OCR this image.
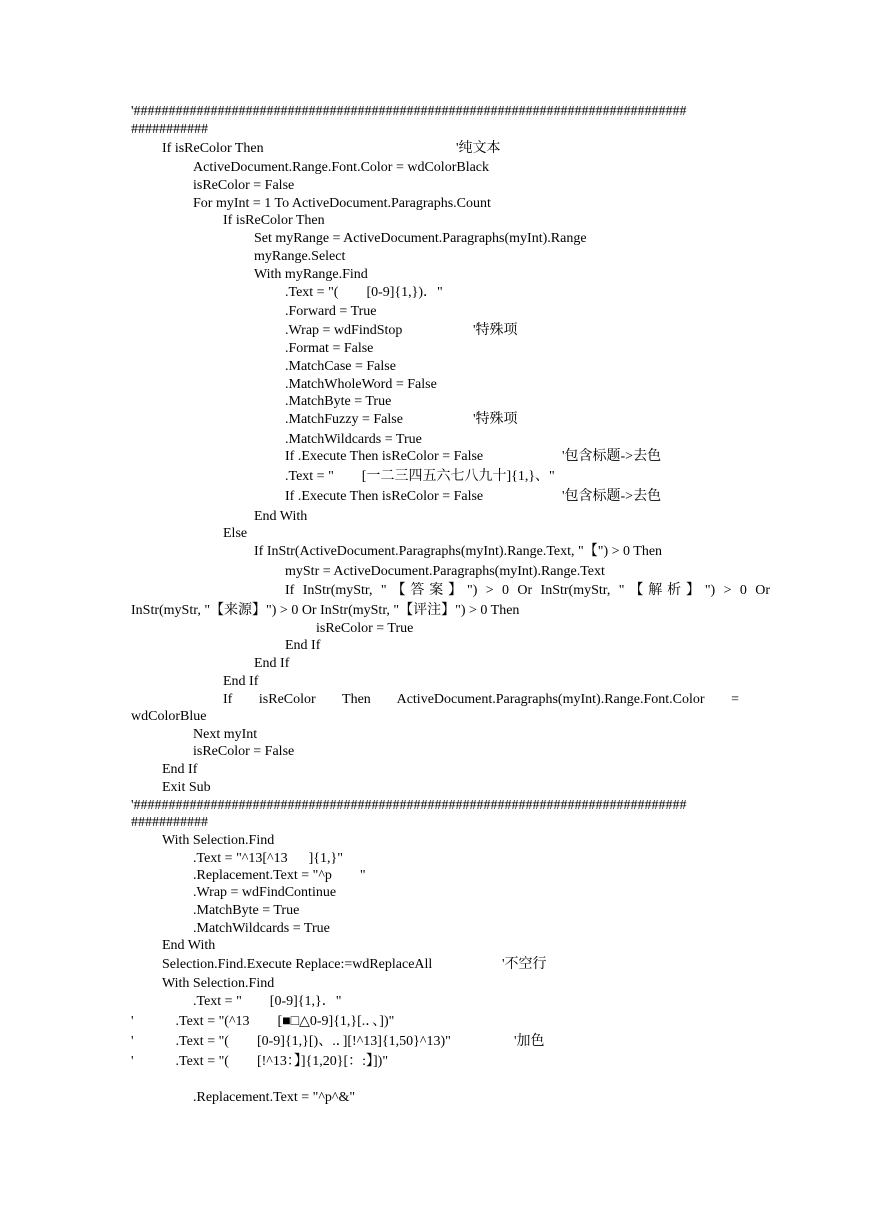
'###############################################################################
###########
If isReColor Then	'纯文本
ActiveDocument.Range.Font.Color = wdColorBlack
isReColor = False
For myInt = 1 To ActiveDocument.Paragraphs.Count
If isReColor Then
Set myRange = ActiveDocument.Paragraphs(myInt).Range
myRange.Select
With myRange.Find
.Text = "(        [0-9]{1,})．"
.Forward = True
.Wrap = wdFindStop	'特殊项
.Format = False
.MatchCase = False
.MatchWholeWord = False
.MatchByte = True
.MatchFuzzy = False	'特殊项
.MatchWildcards = True
If .Execute Then isReColor = False	'包含标题->去色
.Text = "        [一二三四五六七八九十]{1,}、"
If .Execute Then isReColor = False	'包含标题->去色
End With
Else
If InStr(ActiveDocument.Paragraphs(myInt).Range.Text, "【") > 0 Then
myStr = ActiveDocument.Paragraphs(myInt).Range.Text
If InStr(myStr, "【答案】") > 0 Or InStr(myStr, "【解析】") > 0 Or
InStr(myStr, "【来源】") > 0 Or InStr(myStr, "【评注】") > 0 Then
isReColor = True
End If
End If
End If
If isReColor Then ActiveDocument.Paragraphs(myInt).Range.Font.Color =
wdColorBlue
Next myInt
isReColor = False
End If
Exit Sub
'###############################################################################
###########
With Selection.Find
.Text = "^13[^13      ]{1,}"
.Replacement.Text = "^p        "
.Wrap = wdFindContinue
.MatchByte = True
.MatchWildcards = True
End With
Selection.Find.Execute Replace:=wdReplaceAll	'不空行
With Selection.Find
.Text = "        [0-9]{1,}．"
'            .Text = "(^13        [■□△0-9]{1,}[.．、])"
'            .Text = "(        [0-9]{1,}[)、.．][!^13]{1,50}^13)"	'加色
'            .Text = "(        [!^13：】]{1,20}[：:】])"
.Replacement.Text = "^p^&"
